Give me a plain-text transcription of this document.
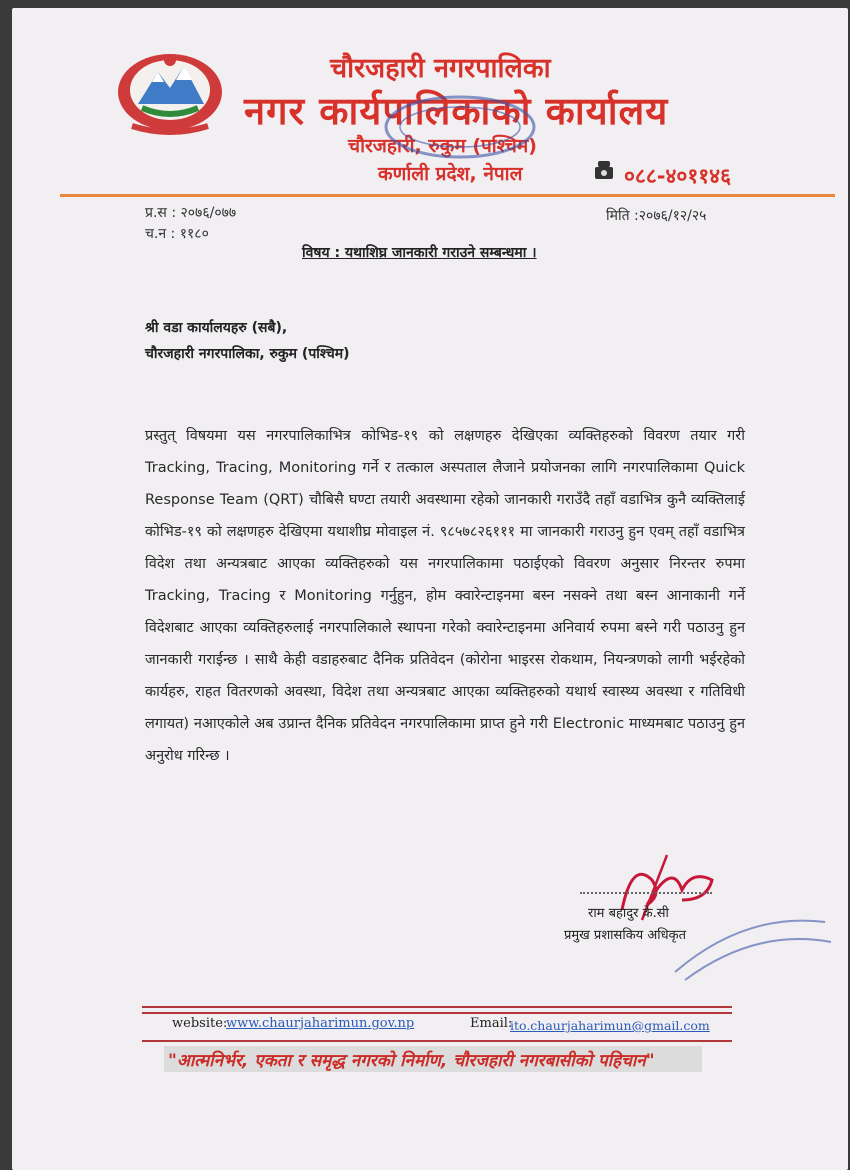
चौरजहारी नगरपालिका
नगर कार्यपालिकाको कार्यालय
चौरजहारी, रुकुम (पश्चिम)
कर्णाली प्रदेश, नेपाल	०८८-४०११४६
प्र.स : २०७६/०७७
च.न : ११८०
मिति :२०७६/१२/२५
विषय : यथाशिघ्र जानकारी गराउने सम्बन्धमा ।
श्री वडा कार्यालयहरु (सबै),
चौरजहारी नगरपालिका, रुकुम (पश्चिम)
प्रस्तुत् विषयमा यस नगरपालिकाभित्र कोभिड-१९ को लक्षणहरु देखिएका व्यक्तिहरुको विवरण तयार गरी Tracking, Tracing, Monitoring गर्ने र तत्काल अस्पताल लैजाने प्रयोजनका लागि नगरपालिकामा Quick Response Team (QRT) चौबिसै घण्टा तयारी अवस्थामा रहेको जानकारी गराउँदै तहाँ वडाभित्र कुनै व्यक्तिलाई कोभिड-१९ को लक्षणहरु देखिएमा यथाशीघ्र मोवाइल नं. ९८५७८२६१११ मा जानकारी गराउनु हुन एवम् तहाँ वडाभित्र विदेश तथा अन्यत्रबाट आएका व्यक्तिहरुको यस नगरपालिकामा पठाईएको विवरण अनुसार निरन्तर रुपमा Tracking, Tracing र Monitoring गर्नुहुन, होम क्वारेन्टाइनमा बस्न नसक्ने तथा बस्न आनाकानी गर्ने विदेशबाट आएका व्यक्तिहरुलाई नगरपालिकाले स्थापना गरेको क्वारेन्टाइनमा अनिवार्य रुपमा बस्ने गरी पठाउनु हुन जानकारी गराईन्छ । साथै केही वडाहरुबाट दैनिक प्रतिवेदन (कोरोना भाइरस रोकथाम, नियन्त्रणको लागी भईरहेको कार्यहरु, राहत वितरणको अवस्था, विदेश तथा अन्यत्रबाट आएका व्यक्तिहरुको यथार्थ स्वास्थ्य अवस्था र गतिविधी लगायत) नआएकोले अब उप्रान्त दैनिक प्रतिवेदन नगरपालिकामा प्राप्त हुने गरी Electronic माध्यमबाट पठाउनु हुन अनुरोध गरिन्छ ।
राम बहादुर के.सी
प्रमुख प्रशासकिय अधिकृत
website:
www.chaurjaharimun.gov.np	Email:
ito.chaurjaharimun@gmail.com
"आत्मनिर्भर, एकता र समृद्ध नगरको निर्माण, चौरजहारी नगरबासीको पहिचान"
